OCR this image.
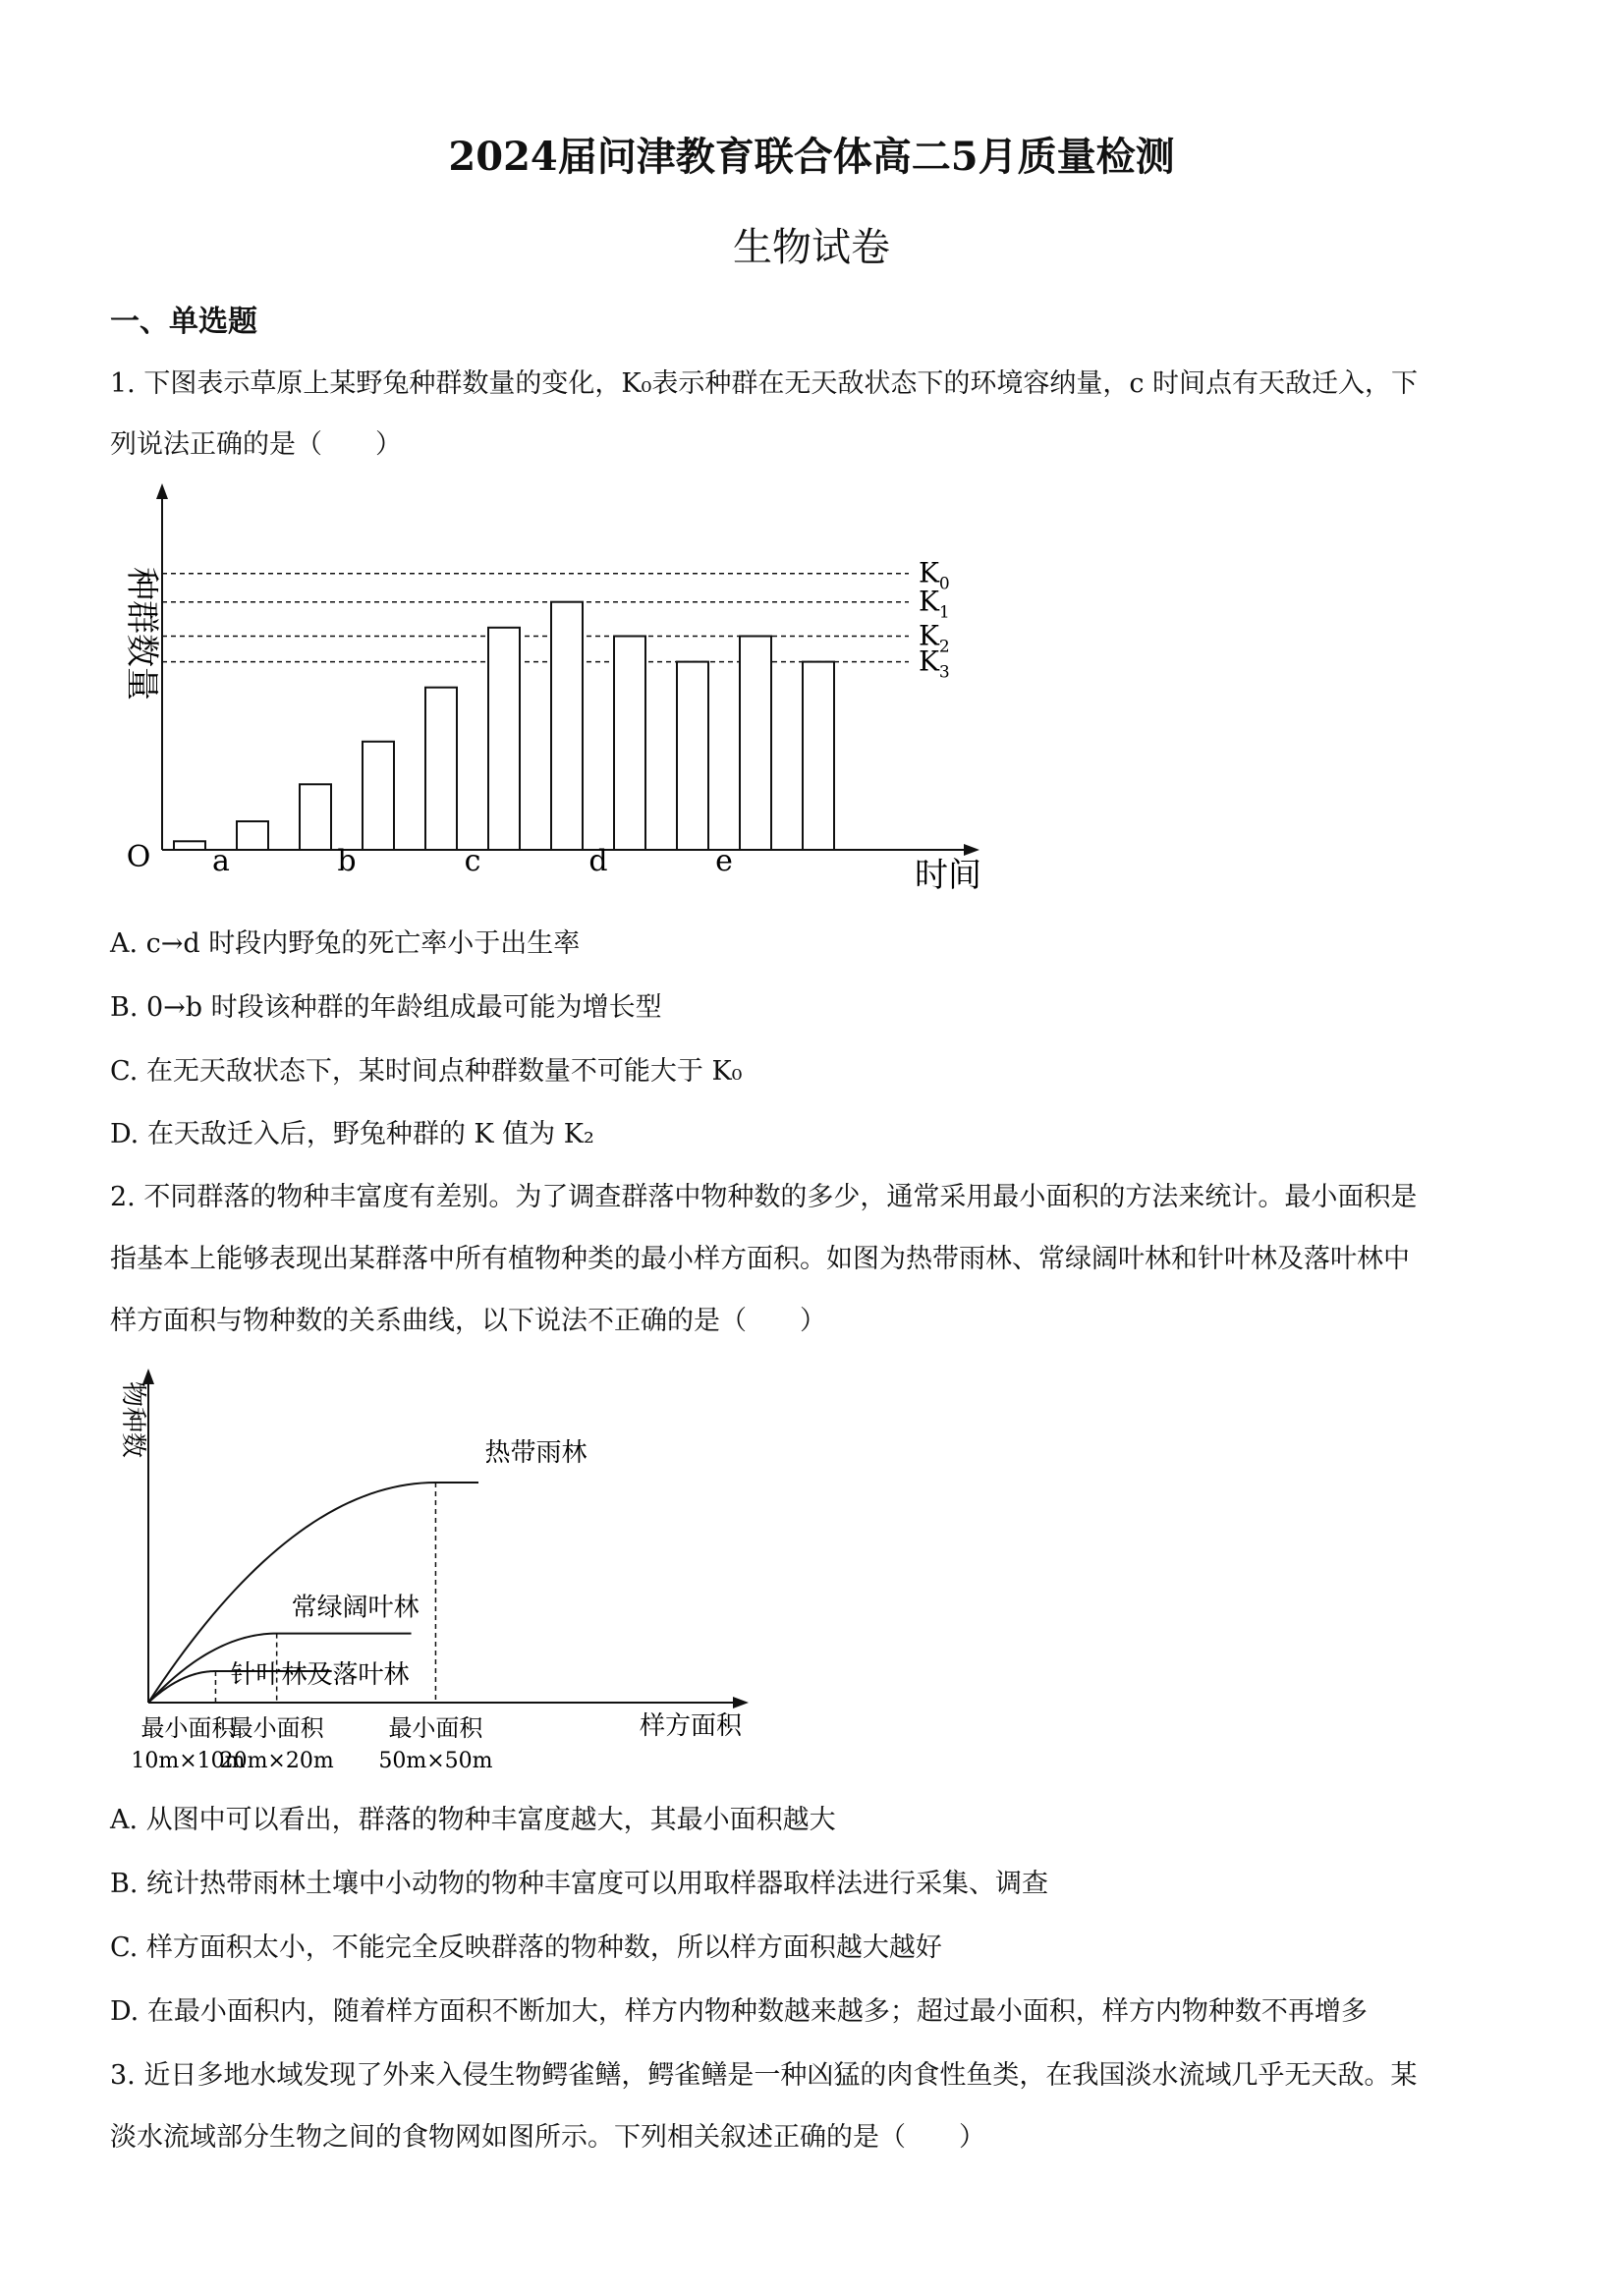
2024届问津教育联合体高二5月质量检测
生物试卷
一、单选题
1. 下图表示草原上某野兔种群数量的变化，K₀表示种群在无天敌状态下的环境容纳量，c 时间点有天敌迁入，下
列说法正确的是（　　）
O	时间
种群数量	$K_0$
$K_1$
$K_2$
$K_3$
a	b	c	d	e
A. c→d 时段内野兔的死亡率小于出生率
B. 0→b 时段该种群的年龄组成最可能为增长型
C. 在无天敌状态下，某时间点种群数量不可能大于 K₀
D. 在天敌迁入后，野兔种群的 K 值为 K₂
2. 不同群落的物种丰富度有差别。为了调查群落中物种数的多少，通常采用最小面积的方法来统计。最小面积是
指基本上能够表现出某群落中所有植物种类的最小样方面积。如图为热带雨林、常绿阔叶林和针叶林及落叶林中
样方面积与物种数的关系曲线，以下说法不正确的是（　　）
物种数
样方面积
热带雨林
常绿阔叶林
针叶林及落叶林
最小面积
10m×10m
最小面积
20m×20m
最小面积
50m×50m
A. 从图中可以看出，群落的物种丰富度越大，其最小面积越大
B. 统计热带雨林土壤中小动物的物种丰富度可以用取样器取样法进行采集、调查
C. 样方面积太小，不能完全反映群落的物种数，所以样方面积越大越好
D. 在最小面积内，随着样方面积不断加大，样方内物种数越来越多；超过最小面积，样方内物种数不再增多
3. 近日多地水域发现了外来入侵生物鳄雀鳝，鳄雀鳝是一种凶猛的肉食性鱼类，在我国淡水流域几乎无天敌。某
淡水流域部分生物之间的食物网如图所示。下列相关叙述正确的是（　　）
